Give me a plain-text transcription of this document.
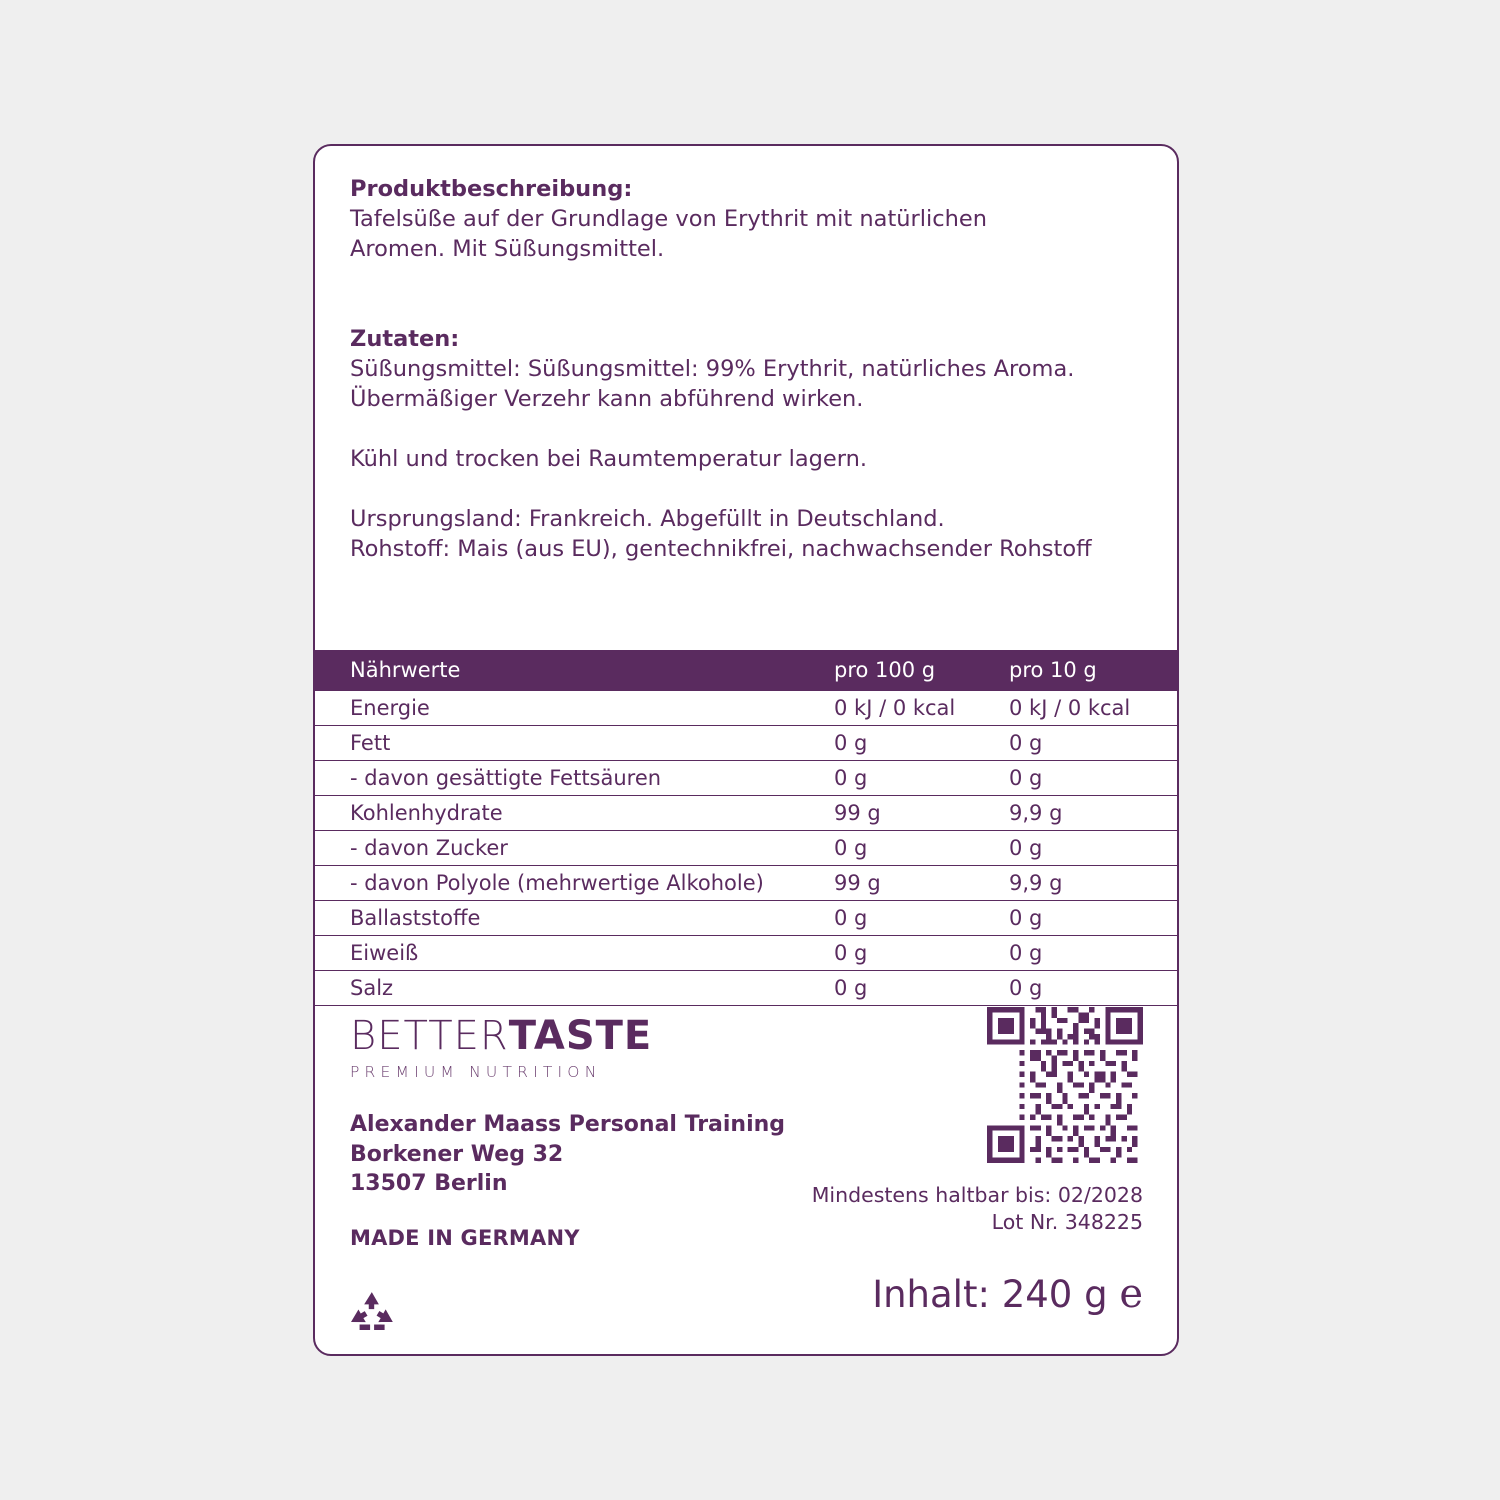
Produktbeschreibung:

Tafelsüße auf der Grundlage von Erythrit mit natürlichen

Aromen. Mit Süßungsmittel.

Zutaten:

Süßungsmittel: Süßungsmittel: 99% Erythrit, natürliches Aroma.

Übermäßiger Verzehr kann abführend wirken.

Kühl und trocken bei Raumtemperatur lagern.

Ursprungsland: Frankreich. Abgefüllt in Deutschland.

Rohstoff: Mais (aus EU), gentechnikfrei, nachwachsender Rohstoff

Nährwerte	pro 100 g	pro 10 g
Energie	0 kJ / 0 kcal	0 kJ / 0 kcal
Fett	0 g	0 g
- davon gesättigte Fettsäuren	0 g	0 g
Kohlenhydrate	99 g	9,9 g
- davon Zucker	0 g	0 g
- davon Polyole (mehrwertige Alkohole)	99 g	9,9 g
Ballaststoffe	0 g	0 g
Eiweiß	0 g	0 g
Salz	0 g	0 g
BETTERTASTE
PREMIUM NUTRITION
Alexander Maass Personal Training
Borkener Weg 32
13507 Berlin
MADE IN GERMANY
Mindestens haltbar bis: 02/2028
Lot Nr. 348225
Inhalt: 240 g e
